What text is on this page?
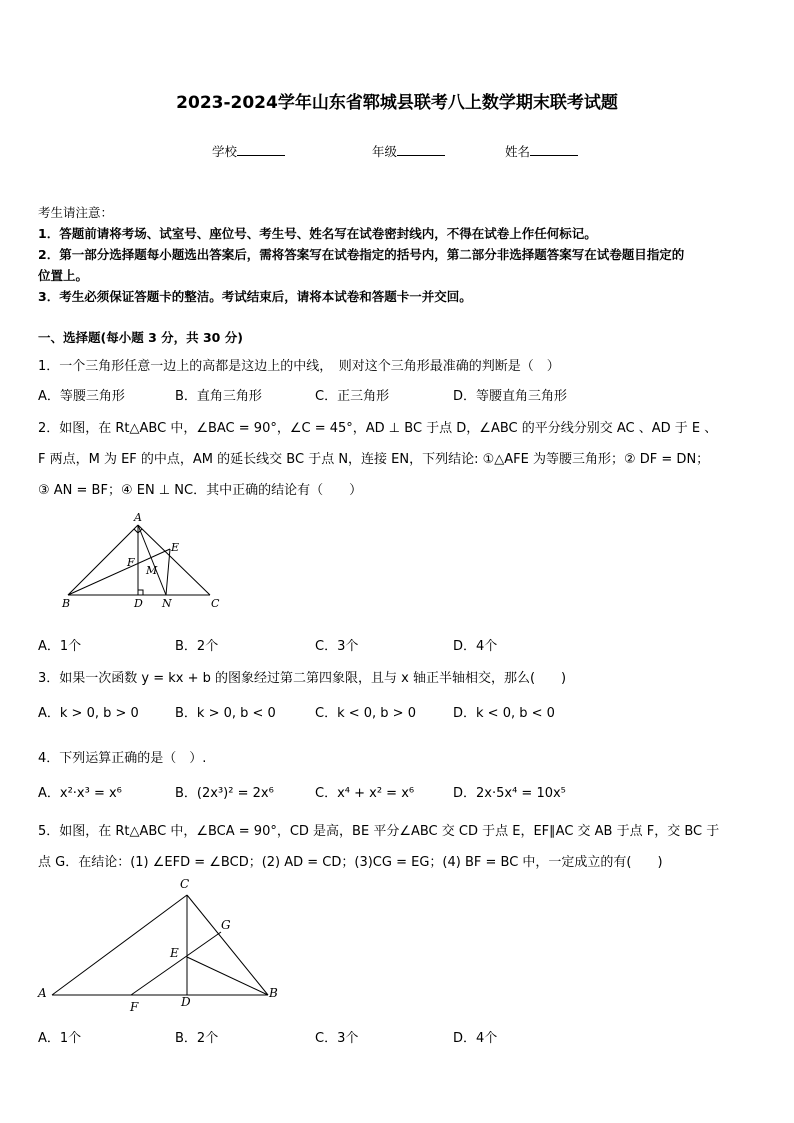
2023-2024学年山东省郓城县联考八上数学期末联考试题
学校	年级	姓名
考生请注意：
1．答题前请将考场、试室号、座位号、考生号、姓名写在试卷密封线内，不得在试卷上作任何标记。
2．第一部分选择题每小题选出答案后，需将答案写在试卷指定的括号内，第二部分非选择题答案写在试卷题目指定的
位置上。
3．考生必须保证答题卡的整洁。考试结束后，请将本试卷和答题卡一并交回。
一、选择题(每小题 3 分，共 30 分)
1．一个三角形任意一边上的高都是这边上的中线，　则对这个三角形最准确的判断是（　）
A．等腰三角形	B．直角三角形	C．正三角形	D．等腰直角三角形
2．如图，在 Rt△ABC 中，∠BAC = 90°，∠C = 45°，AD ⊥ BC 于点 D，∠ABC 的平分线分别交 AC 、AD 于 E 、
F 两点，M 为 EF 的中点，AM 的延长线交 BC 于点 N，连接 EN，下列结论: ①△AFE 为等腰三角形；② DF = DN；
③ AN = BF；④ EN ⊥ NC．其中正确的结论有（　　）
A
E
F
M
B	D N	C
A．1个	B．2个	C．3个	D．4个
3．如果一次函数 y = kx + b 的图象经过第二第四象限，且与 x 轴正半轴相交，那么(　　)
A．k > 0, b > 0	B．k > 0, b < 0	C．k < 0, b > 0	D．k < 0, b < 0
4．下列运算正确的是（　）.
A．x²·x³ = x⁶	B．(2x³)² = 2x⁶	C．x⁴ + x² = x⁶	D．2x·5x⁴ = 10x⁵
5．如图，在 Rt△ABC 中，∠BCA = 90°，CD 是高，BE 平分∠ABC 交 CD 于点 E，EF∥AC 交 AB 于点 F，交 BC 于
点 G．在结论：(1) ∠EFD = ∠BCD；(2) AD = CD；(3)CG = EG；(4) BF = BC 中，一定成立的有(　　)
C
G
E
A
F	D
B
A．1个	B．2个	C．3个	D．4个
